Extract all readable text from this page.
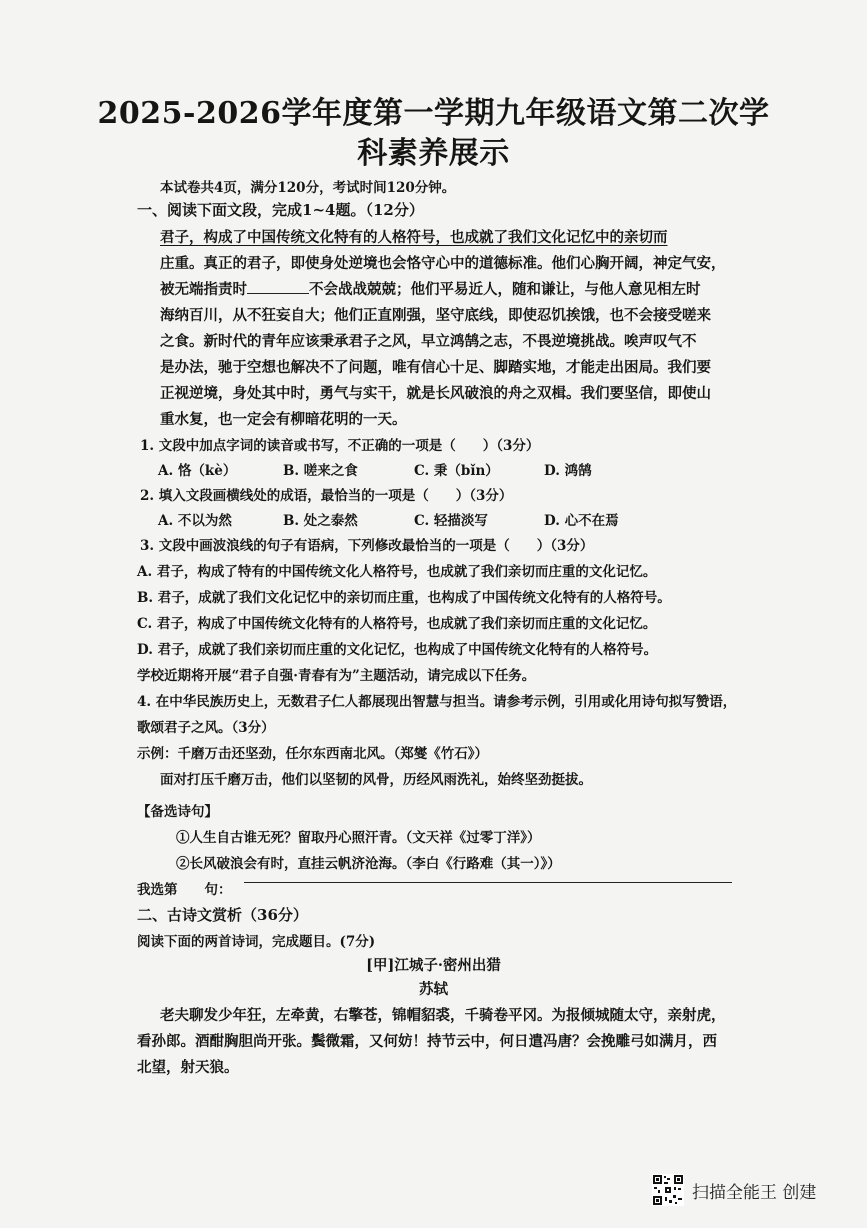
2025-2026学年度第一学期九年级语文第二次学
科素养展示
本试卷共4页，满分120分，考试时间120分钟。
一、阅读下面文段，完成1~4题。（12分）
君子，构成了中国传统文化特有的人格符号，也成就了我们文化记忆中的亲切而
庄重。真正的君子，即使身处逆境也会恪守心中的道德标准。他们心胸开阔，神定气安，
被无端指责时	不会战战兢兢；他们平易近人，随和谦让，与他人意见相左时
海纳百川，从不狂妄自大；他们正直刚强，坚守底线，即使忍饥挨饿，也不会接受嗟来
之食。新时代的青年应该秉承君子之风，早立鸿鹄之志，不畏逆境挑战。唉声叹气不
是办法，驰于空想也解决不了问题，唯有信心十足、脚踏实地，才能走出困局。我们要
正视逆境，身处其中时，勇气与实干，就是长风破浪的舟之双楫。我们要坚信，即使山
重水复，也一定会有柳暗花明的一天。
1. 文段中加点字词的读音或书写，不正确的一项是（　　）（3分）
A. 恪（kè）	B. 嗟来之食	C. 秉（bǐn）	D. 鸿鹄
2. 填入文段画横线处的成语，最恰当的一项是（　　）（3分）
A. 不以为然	B. 处之泰然	C. 轻描淡写	D. 心不在焉
3. 文段中画波浪线的句子有语病，下列修改最恰当的一项是（　　）（3分）
A. 君子，构成了特有的中国传统文化人格符号，也成就了我们亲切而庄重的文化记忆。
B. 君子，成就了我们文化记忆中的亲切而庄重，也构成了中国传统文化特有的人格符号。
C. 君子，构成了中国传统文化特有的人格符号，也成就了我们亲切而庄重的文化记忆。
D. 君子，成就了我们亲切而庄重的文化记忆，也构成了中国传统文化特有的人格符号。
学校近期将开展“君子自强·青春有为”主题活动，请完成以下任务。
4. 在中华民族历史上，无数君子仁人都展现出智慧与担当。请参考示例，引用或化用诗句拟写赞语，
歌颂君子之风。（3分）
示例：千磨万击还坚劲，任尔东西南北风。（郑燮《竹石》）
面对打压千磨万击，他们以坚韧的风骨，历经风雨洗礼，始终坚劲挺拔。
【备选诗句】
①人生自古谁无死？留取丹心照汗青。（文天祥《过零丁洋》）
②长风破浪会有时，直挂云帆济沧海。（李白《行路难（其一）》）
我选第　　句：
二、古诗文赏析（36分）
阅读下面的两首诗词，完成题目。(7分)
[甲]江城子·密州出猎
苏轼
老夫聊发少年狂，左牵黄，右擎苍，锦帽貂裘，千骑卷平冈。为报倾城随太守，亲射虎，
看孙郎。酒酣胸胆尚开张。鬓微霜，又何妨！持节云中，何日遣冯唐？会挽雕弓如满月，西
北望，射天狼。
扫描全能王 创建
